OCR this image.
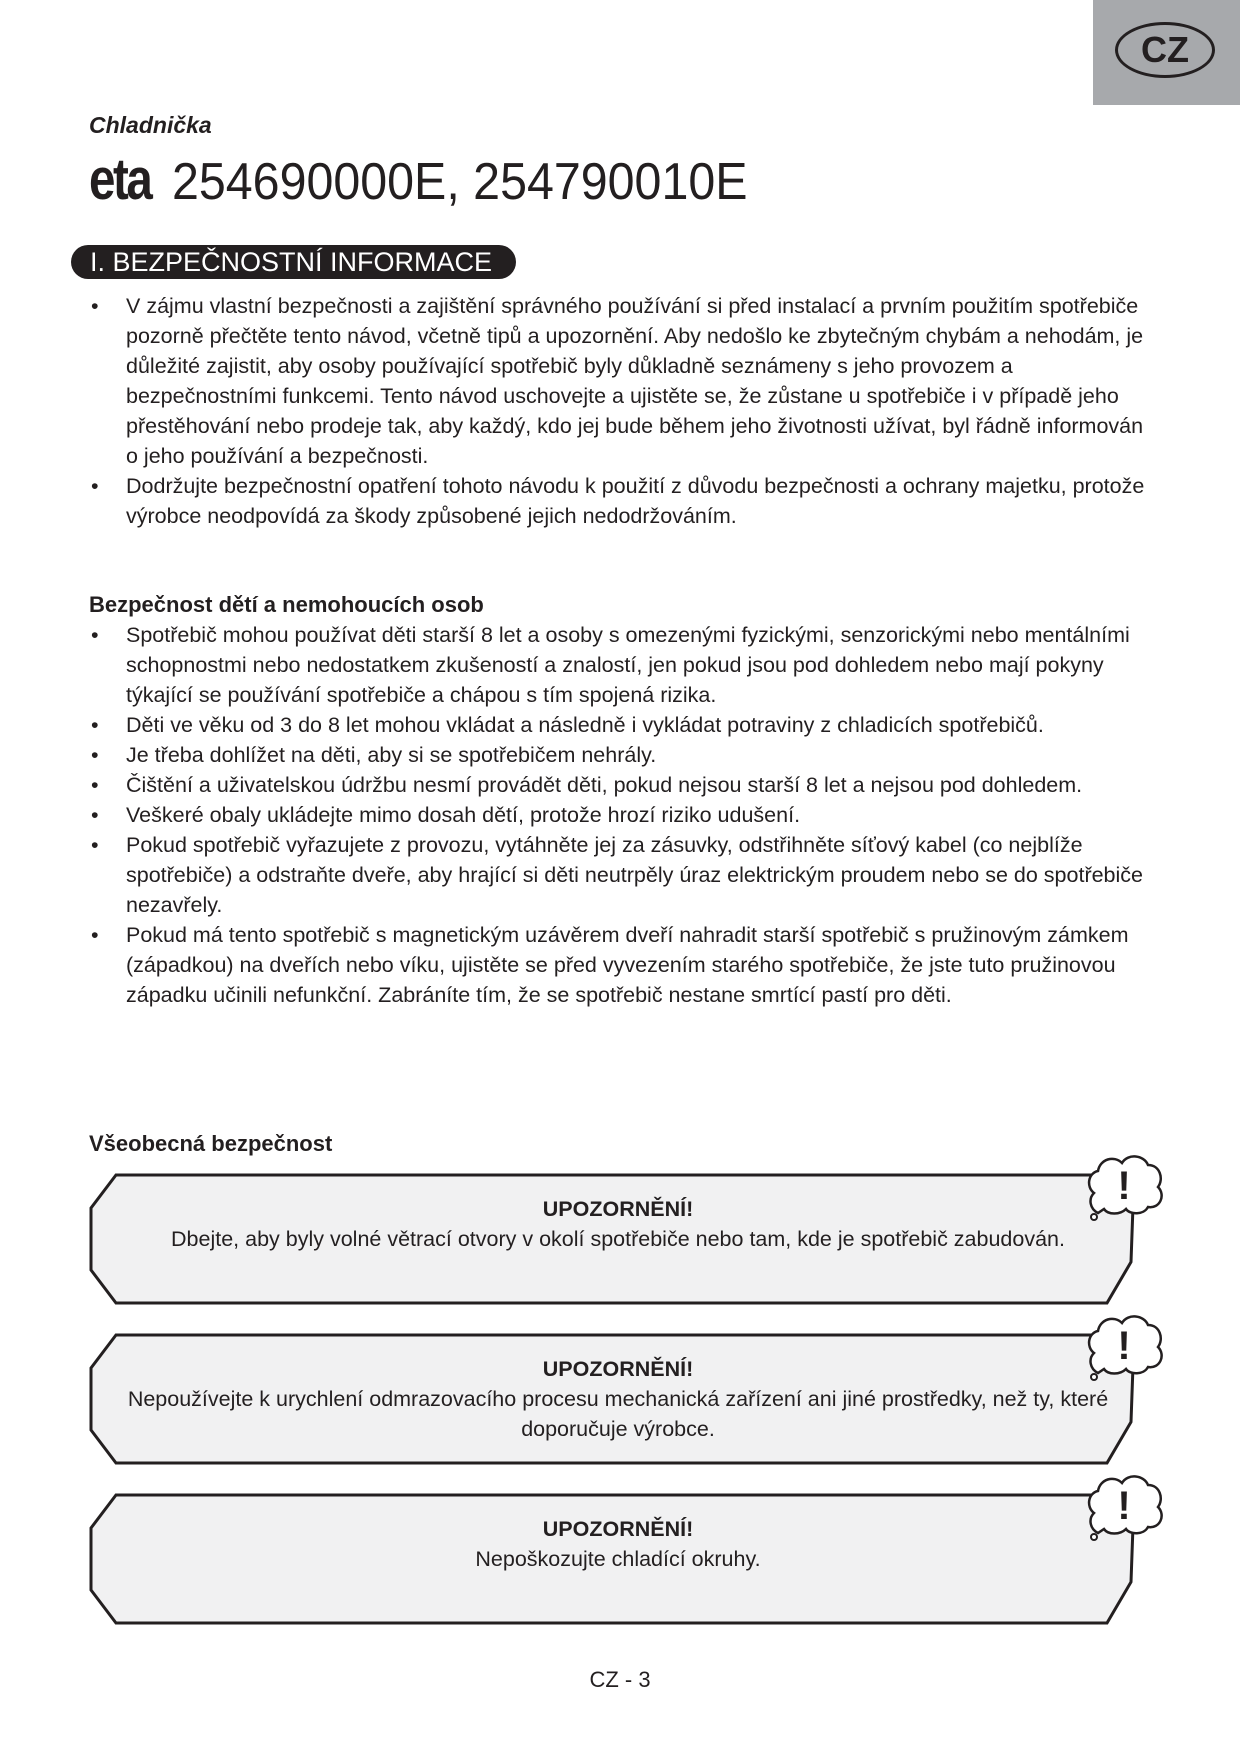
CZ
Chladnička
eta 254690000E, 254790010E
I. BEZPEČNOSTNÍ INFORMACE
• V zájmu vlastní bezpečnosti a zajištění správného používání si před instalací a prvním použitím spotřebiče pozorně přečtěte tento návod, včetně tipů a upozornění. Aby nedošlo ke zbytečným chybám a nehodám, je důležité zajistit, aby osoby používající spotřebič byly důkladně seznámeny s jeho provozem a bezpečnostními funkcemi. Tento návod uschovejte a ujistěte se, že zůstane u spotřebiče i v případě jeho přestěhování nebo prodeje tak, aby každý, kdo jej bude během jeho životnosti užívat, byl řádně informován o jeho používání a bezpečnosti.
• Dodržujte bezpečnostní opatření tohoto návodu k použití z důvodu bezpečnosti a ochrany majetku, protože výrobce neodpovídá za škody způsobené jejich nedodržováním.
Bezpečnost dětí a nemohoucích osob
• Spotřebič mohou používat děti starší 8 let a osoby s omezenými fyzickými, senzorickými nebo mentálními schopnostmi nebo nedostatkem zkušeností a znalostí, jen pokud jsou pod dohledem nebo mají pokyny týkající se používání spotřebiče a chápou s tím spojená rizika.
• Děti ve věku od 3 do 8 let mohou vkládat a následně i vykládat potraviny z chladicích spotřebičů.
• Je třeba dohlížet na děti, aby si se spotřebičem nehrály.
• Čištění a uživatelskou údržbu nesmí provádět děti, pokud nejsou starší 8 let a nejsou pod dohledem.
• Veškeré obaly ukládejte mimo dosah dětí, protože hrozí riziko udušení.
• Pokud spotřebič vyřazujete z provozu, vytáhněte jej za zásuvky, odstřihněte síťový kabel (co nejblíže spotřebiče) a odstraňte dveře, aby hrající si děti neutrpěly úraz elektrickým proudem nebo se do spotřebiče nezavřely.
• Pokud má tento spotřebič s magnetickým uzávěrem dveří nahradit starší spotřebič s pružinovým zámkem (západkou) na dveřích nebo víku, ujistěte se před vyvezením starého spotřebiče, že jste tuto pružinovou západku učinili nefunkční. Zabráníte tím, že se spotřebič nestane smrtící pastí pro děti.
Všeobecná bezpečnost
!
UPOZORNĚNÍ!
Dbejte, aby byly volné větrací otvory v okolí spotřebiče nebo tam, kde je spotřebič zabudován.
!
UPOZORNĚNÍ!
Nepoužívejte k urychlení odmrazovacího procesu mechanická zařízení ani jiné prostředky, než ty, které doporučuje výrobce.
!
UPOZORNĚNÍ!
Nepoškozujte chladící okruhy.
CZ - 3
